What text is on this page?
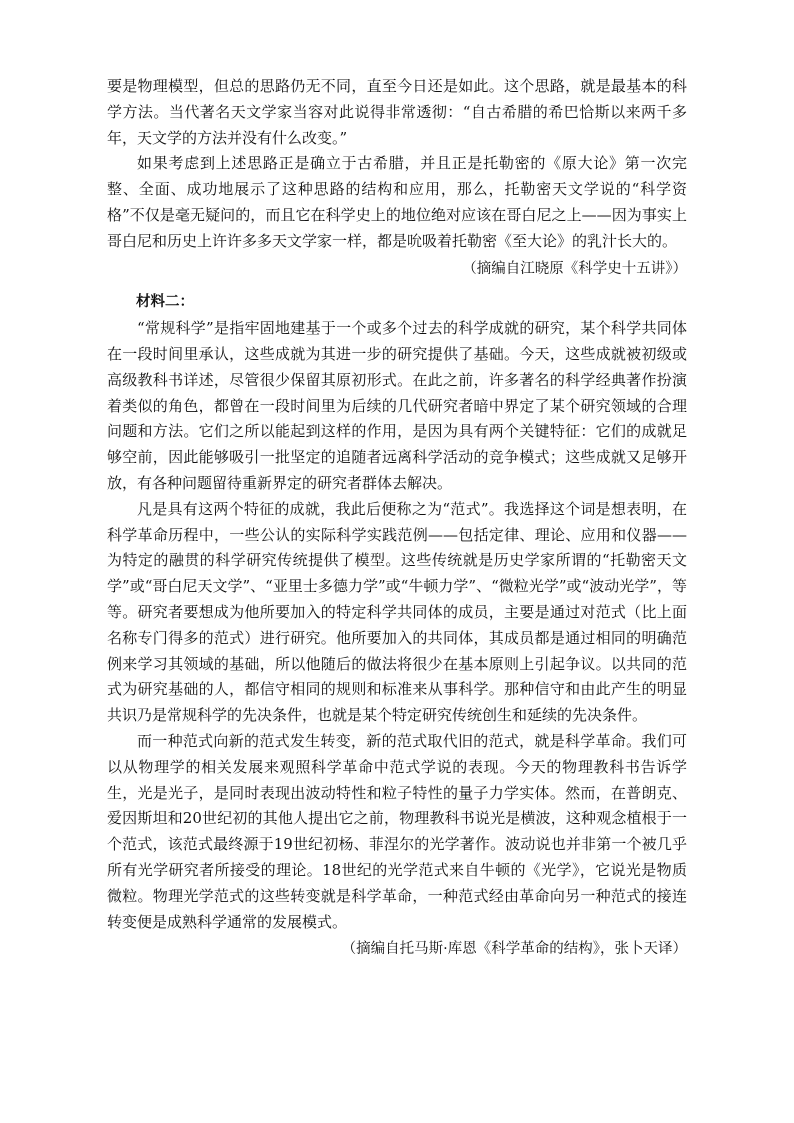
要是物理模型，但总的思路仍无不同，直至今日还是如此。这个思路，就是最基本的科学方法。当代著名天文学家当容对此说得非常透彻：“自古希腊的希巴恰斯以来两千多年，天文学的方法并没有什么改变。”

如果考虑到上述思路正是确立于古希腊，并且正是托勒密的《原大论》第一次完整、全面、成功地展示了这种思路的结构和应用，那么，托勒密天文学说的“科学资格”不仅是毫无疑问的，而且它在科学史上的地位绝对应该在哥白尼之上——因为事实上哥白尼和历史上许许多多天文学家一样，都是吮吸着托勒密《至大论》的乳汁长大的。

（摘编自江晓原《科学史十五讲》）

材料二：

“常规科学”是指牢固地建基于一个或多个过去的科学成就的研究，某个科学共同体在一段时间里承认，这些成就为其进一步的研究提供了基础。今天，这些成就被初级或高级教科书详述，尽管很少保留其原初形式。在此之前，许多著名的科学经典著作扮演着类似的角色，都曾在一段时间里为后续的几代研究者暗中界定了某个研究领域的合理问题和方法。它们之所以能起到这样的作用，是因为具有两个关键特征：它们的成就足够空前，因此能够吸引一批坚定的追随者远离科学活动的竞争模式；这些成就又足够开放，有各种问题留待重新界定的研究者群体去解决。

凡是具有这两个特征的成就，我此后便称之为“范式”。我选择这个词是想表明，在科学革命历程中，一些公认的实际科学实践范例——包括定律、理论、应用和仪器——为特定的融贯的科学研究传统提供了模型。这些传统就是历史学家所谓的“托勒密天文学”或“哥白尼天文学”、“亚里士多德力学”或“牛顿力学”、“微粒光学”或“波动光学”，等等。研究者要想成为他所要加入的特定科学共同体的成员，主要是通过对范式（比上面名称专门得多的范式）进行研究。他所要加入的共同体，其成员都是通过相同的明确范例来学习其领域的基础，所以他随后的做法将很少在基本原则上引起争议。以共同的范式为研究基础的人，都信守相同的规则和标准来从事科学。那种信守和由此产生的明显共识乃是常规科学的先决条件，也就是某个特定研究传统创生和延续的先决条件。

而一种范式向新的范式发生转变，新的范式取代旧的范式，就是科学革命。我们可以从物理学的相关发展来观照科学革命中范式学说的表现。今天的物理教科书告诉学生，光是光子，是同时表现出波动特性和粒子特性的量子力学实体。然而，在普朗克、爱因斯坦和20世纪初的其他人提出它之前，物理教科书说光是横波，这种观念植根于一个范式，该范式最终源于19世纪初杨、菲涅尔的光学著作。波动说也并非第一个被几乎所有光学研究者所接受的理论。18世纪的光学范式来自牛顿的《光学》，它说光是物质微粒。物理光学范式的这些转变就是科学革命，一种范式经由革命向另一种范式的接连转变便是成熟科学通常的发展模式。

（摘编自托马斯·库恩《科学革命的结构》，张卜天译）
